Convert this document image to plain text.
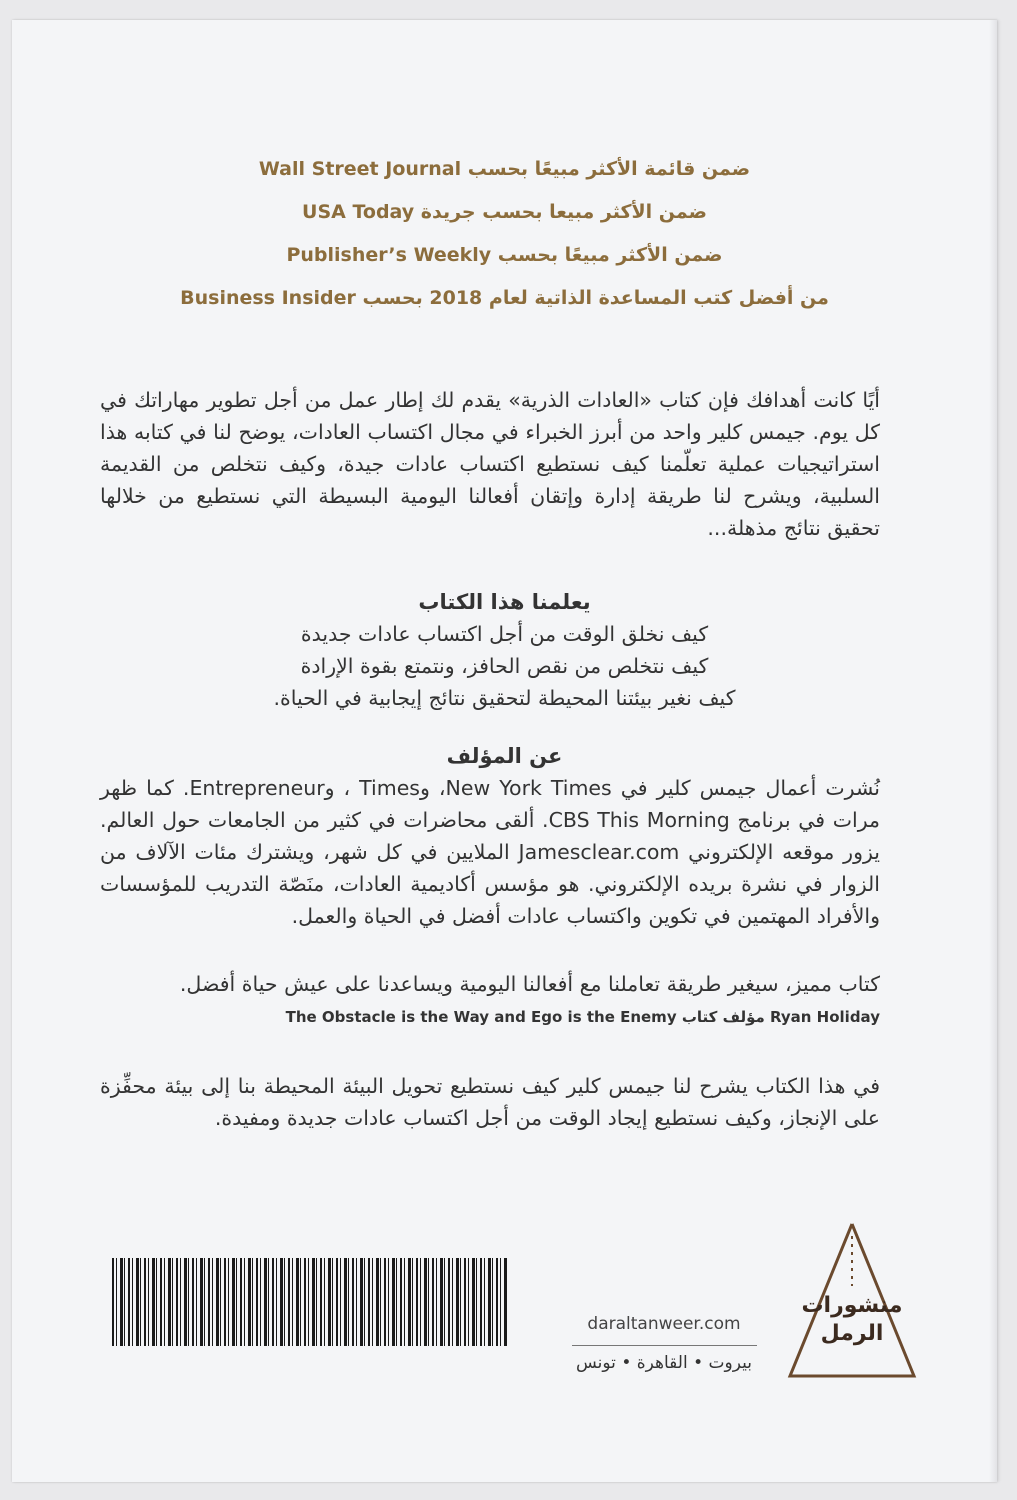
ضمن قائمة الأكثر مبيعًا بحسب Wall Street Journal
ضمن الأكثر مبيعا بحسب جريدة USA Today
ضمن الأكثر مبيعًا بحسب Publisher’s Weekly
من أفضل كتب المساعدة الذاتية لعام 2018 بحسب Business Insider
أيًا كانت أهدافك فإن كتاب «العادات الذرية» يقدم لك إطار عمل من أجل تطوير مهاراتك في كل يوم. جيمس كلير واحد من أبرز الخبراء في مجال اكتساب العادات، يوضح لنا في كتابه هذا استراتيجيات عملية تعلّمنا كيف نستطيع اكتساب عادات جيدة، وكيف نتخلص من القديمة السلبية، ويشرح لنا طريقة إدارة وإتقان أفعالنا اليومية البسيطة التي نستطيع من خلالها تحقيق نتائج مذهلة...
يعلمنا هذا الكتاب
كيف نخلق الوقت من أجل اكتساب عادات جديدة
كيف نتخلص من نقص الحافز، ونتمتع بقوة الإرادة
كيف نغير بيئتنا المحيطة لتحقيق نتائج إيجابية في الحياة.
عن المؤلف
نُشرت أعمال جيمس كلير في New York Times، وTimes ، وEntrepreneur. كما ظهر مرات في برنامج CBS This Morning. ألقى محاضرات في كثير من الجامعات حول العالم. يزور موقعه الإلكتروني Jamesclear.com الملايين في كل شهر، ويشترك مئات الآلاف من الزوار في نشرة بريده الإلكتروني. هو مؤسس أكاديمية العادات، منَصّة التدريب للمؤسسات والأفراد المهتمين في تكوين واكتساب عادات أفضل في الحياة والعمل.
كتاب مميز، سيغير طريقة تعاملنا مع أفعالنا اليومية ويساعدنا على عيش حياة أفضل.
Ryan Holiday مؤلف كتاب The Obstacle is the Way and Ego is the Enemy
في هذا الكتاب يشرح لنا جيمس كلير كيف نستطيع تحويل البيئة المحيطة بنا إلى بيئة محفِّزة على الإنجاز، وكيف نستطيع إيجاد الوقت من أجل اكتساب عادات جديدة ومفيدة.
daraltanweer.com
بيروت • القاهرة • تونس
منشورات
الرمل
